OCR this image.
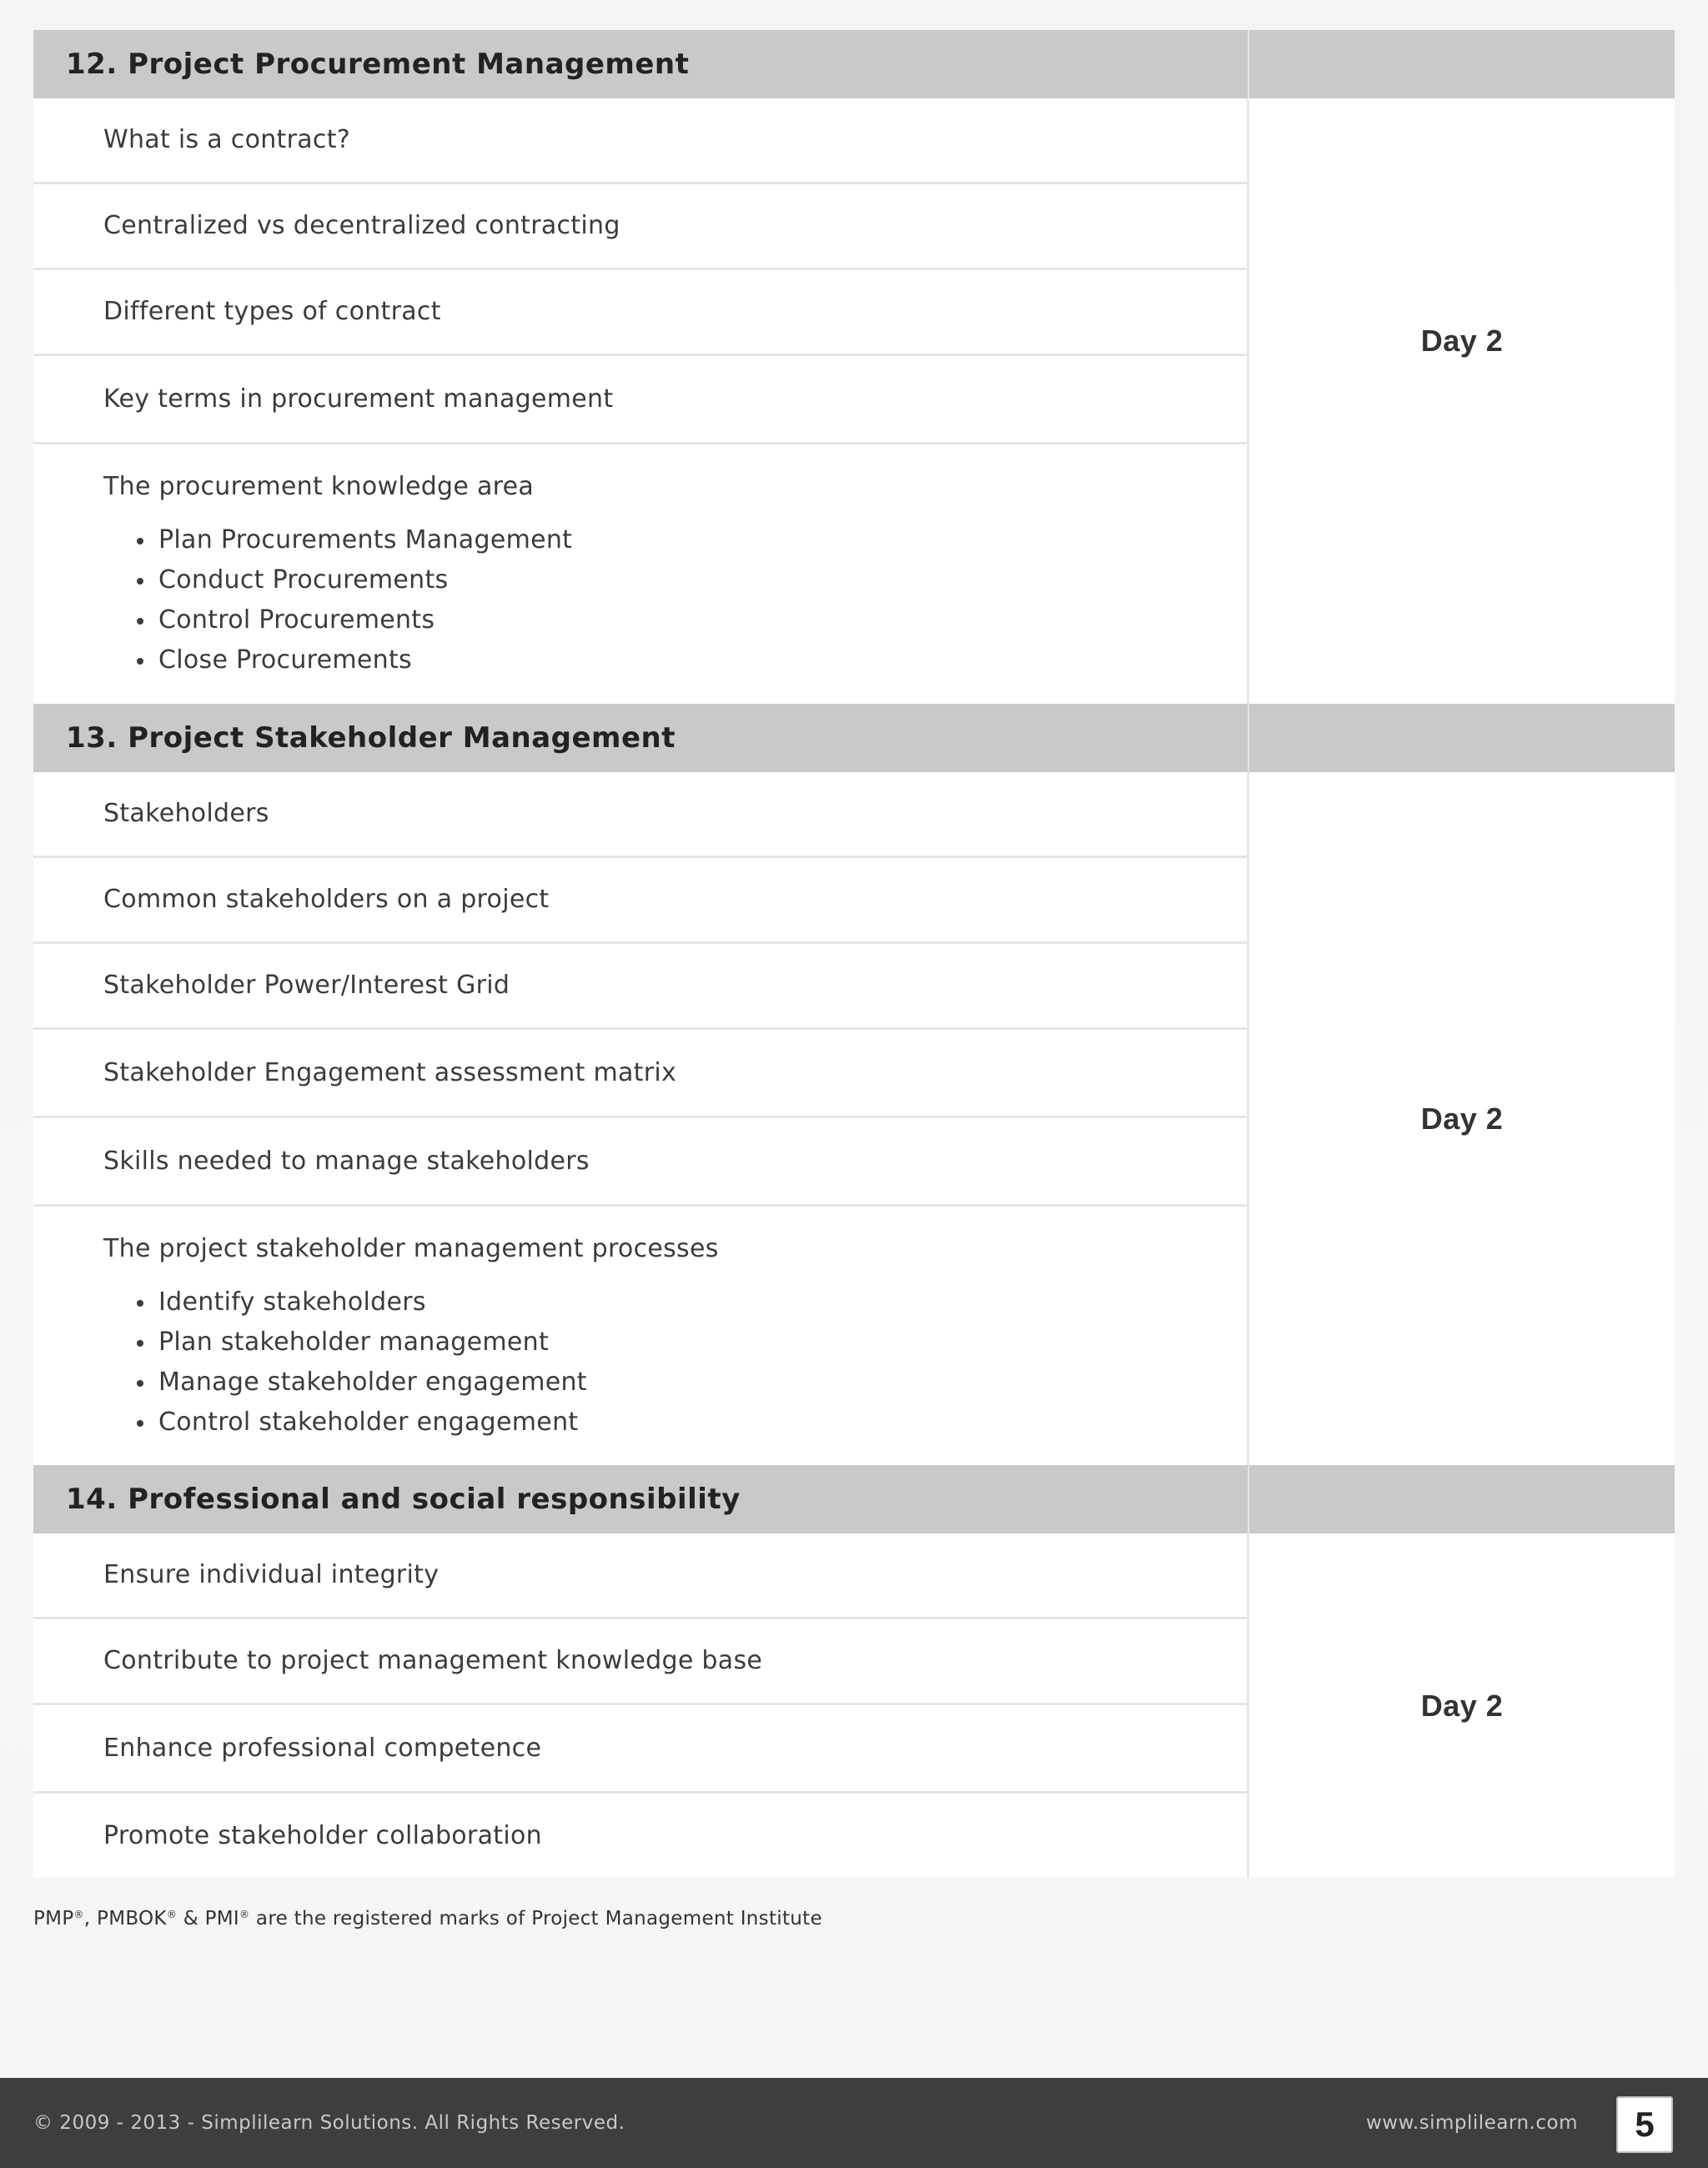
12. Project Procurement Management
What is a contract?
Centralized vs decentralized contracting
Different types of contract
Key terms in procurement management
The procurement knowledge area
Plan Procurements Management
Conduct Procurements
Control Procurements
Close Procurements
Day 2
13. Project Stakeholder Management
Stakeholders
Common stakeholders on a project
Stakeholder Power/Interest Grid
Stakeholder Engagement assessment matrix
Skills needed to manage stakeholders
The project stakeholder management processes
Identify stakeholders
Plan stakeholder management
Manage stakeholder engagement
Control stakeholder engagement
Day 2
14. Professional and social responsibility
Ensure individual integrity
Contribute to project management knowledge base
Enhance professional competence
Promote stakeholder collaboration
Day 2
PMP®, PMBOK® & PMI® are the registered marks of Project Management Institute
© 2009 - 2013 - Simplilearn Solutions. All Rights Reserved.	www.simplilearn.com	5
